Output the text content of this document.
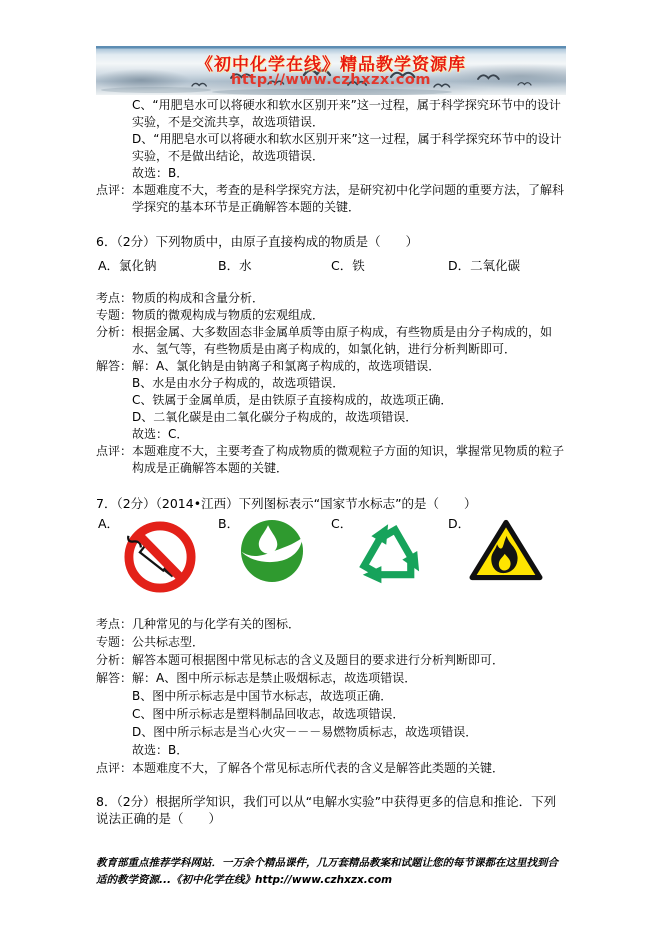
《初中化学在线》精品教学资源库
http://www.czhxzx.com
C、“用肥皂水可以将硬水和软水区别开来”这一过程，属于科学探究环节中的设计实验，不是交流共享，故选项错误．
D、“用肥皂水可以将硬水和软水区别开来”这一过程，属于科学探究环节中的设计实验，不是做出结论，故选项错误．
故选：B．
点评： 本题难度不大，考查的是科学探究方法，是研究初中化学问题的重要方法，了解科学探究的基本环节是正确解答本题的关键．
6．（2分）下列物质中，由原子直接构成的物质是（　　）
A．氯化钠	B．水	C．铁	D．二氧化碳
考点： 物质的构成和含量分析．
专题： 物质的微观构成与物质的宏观组成．
分析： 根据金属、大多数固态非金属单质等由原子构成，有些物质是由分子构成的，如水、氢气等，有些物质是由离子构成的，如氯化钠，进行分析判断即可．
解答： 解：A、氯化钠是由钠离子和氯离子构成的，故选项错误．
B、水是由水分子构成的，故选项错误．
C、铁属于金属单质，是由铁原子直接构成的，故选项正确．
D、二氧化碳是由二氧化碳分子构成的，故选项错误．
故选：C．
点评： 本题难度不大，主要考查了构成物质的微观粒子方面的知识，掌握常见物质的粒子构成是正确解答本题的关键．
7．（2分）（2014•江西）下列图标表示“国家节水标志”的是（　　）
A．	B．	C．	D．
考点： 几种常见的与化学有关的图标．
专题： 公共标志型．
分析： 解答本题可根据图中常见标志的含义及题目的要求进行分析判断即可．
解答： 解：A、图中所示标志是禁止吸烟标志，故选项错误．
B、图中所示标志是中国节水标志，故选项正确．
C、图中所示标志是塑料制品回收志，故选项错误．
D、图中所示标志是当心火灾－－－易燃物质标志，故选项错误．
故选：B．
点评： 本题难度不大，了解各个常见标志所代表的含义是解答此类题的关键．
8．（2分）根据所学知识，我们可以从“电解水实验”中获得更多的信息和推论．下列说法正确的是（　　）
教育部重点推荐学科网站．一万余个精品课件，几万套精品教案和试题让您的每节课都在这里找到合适的教学资源...《初中化学在线》http://www.czhxzx.com
